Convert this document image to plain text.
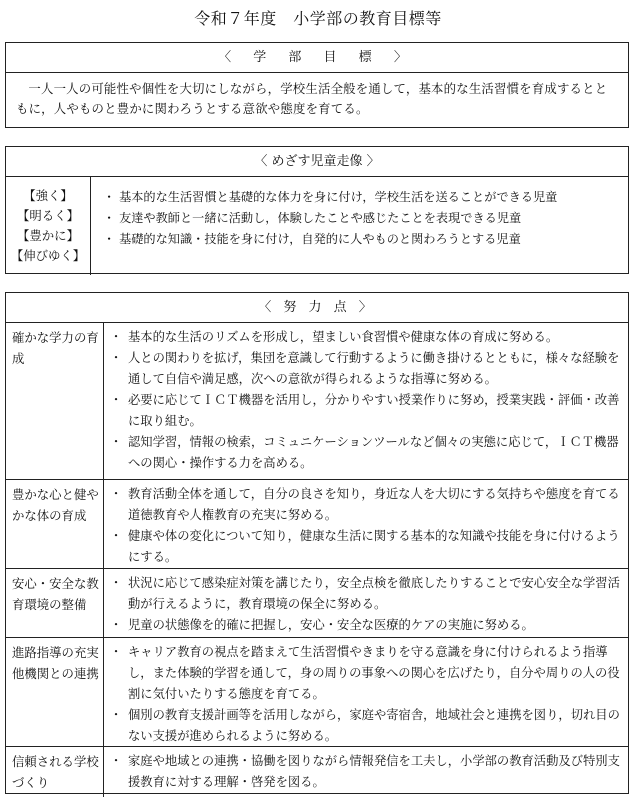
令和７年度　小学部の教育目標等
〈 学 部 目 標 〉
一人一人の可能性や個性を大切にしながら，学校生活全般を通して，基本的な生活習慣を育成するとともに，人やものと豊かに関わろうとする意欲や態度を育てる。
〈 めざす児童走像 〉
【強く】
【明るく】
【豊かに】
【伸びゆく】
・ 基本的な生活習慣と基礎的な体力を身に付け，学校生活を送ることができる児童
・ 友達や教師と一緒に活動し，体験したことや感じたことを表現できる児童
・ 基礎的な知識・技能を身に付け，自発的に人やものと関わろうとする児童
〈 努 力 点 〉
確かな学力の育成
・ 基本的な生活のリズムを形成し，望ましい食習慣や健康な体の育成に努める。
・ 人との関わりを拡げ，集団を意識して行動するように働き掛けるとともに，様々な経験を通して自信や満足感，次への意欲が得られるような指導に努める。
・ 必要に応じてＩＣＴ機器を活用し，分かりやすい授業作りに努め，授業実践・評価・改善に取り組む。
・ 認知学習，情報の検索，コミュニケーションツールなど個々の実態に応じて，ＩＣＴ機器への関心・操作する力を高める。
豊かな心と健やかな体の育成
・ 教育活動全体を通して，自分の良さを知り，身近な人を大切にする気持ちや態度を育てる道徳教育や人権教育の充実に努める。
・ 健康や体の変化について知り，健康な生活に関する基本的な知識や技能を身に付けるようにする。
安心・安全な教育環境の整備
・ 状況に応じて感染症対策を講じたり，安全点検を徹底したりすることで安心安全な学習活動が行えるように，教育環境の保全に努める。
・ 児童の状態像を的確に把握し，安心・安全な医療的ケアの実施に努める。
進路指導の充実他機関との連携
・ キャリア教育の視点を踏まえて生活習慣やきまりを守る意識を身に付けられるよう指導し，また体験的学習を通して，身の周りの事象への関心を広げたり，自分や周りの人の役割に気付いたりする態度を育てる。
・ 個別の教育支援計画等を活用しながら，家庭や寄宿舎，地域社会と連携を図り，切れ目のない支援が進められるように努める。
信頼される学校づくり
・ 家庭や地域との連携・協働を図りながら情報発信を工夫し，小学部の教育活動及び特別支援教育に対する理解・啓発を図る。
